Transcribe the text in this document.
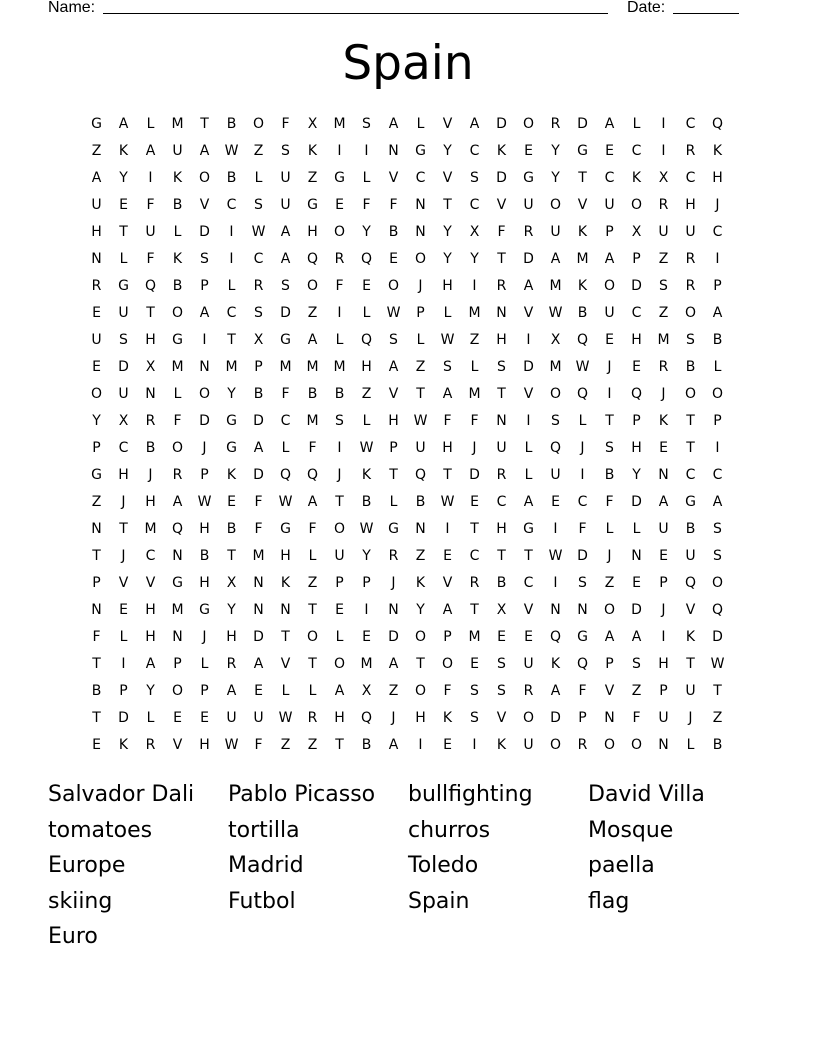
Name:	Date:
Spain
G	A	L	M	T	B	O	F	X	M	S	A	L	V	A	D	O	R	D	A	L	I	C	Q
Z	K	A	U	A	W	Z	S	K	I	I	N	G	Y	C	K	E	Y	G	E	C	I	R	K
A	Y	I	K	O	B	L	U	Z	G	L	V	C	V	S	D	G	Y	T	C	K	X	C	H
U	E	F	B	V	C	S	U	G	E	F	F	N	T	C	V	U	O	V	U	O	R	H	J
H	T	U	L	D	I	W	A	H	O	Y	B	N	Y	X	F	R	U	K	P	X	U	U	C
N	L	F	K	S	I	C	A	Q	R	Q	E	O	Y	Y	T	D	A	M	A	P	Z	R	I
R	G	Q	B	P	L	R	S	O	F	E	O	J	H	I	R	A	M	K	O	D	S	R	P
E	U	T	O	A	C	S	D	Z	I	L	W	P	L	M	N	V	W	B	U	C	Z	O	A
U	S	H	G	I	T	X	G	A	L	Q	S	L	W	Z	H	I	X	Q	E	H	M	S	B
E	D	X	M	N	M	P	M	M	M	H	A	Z	S	L	S	D	M	W	J	E	R	B	L
O	U	N	L	O	Y	B	F	B	B	Z	V	T	A	M	T	V	O	Q	I	Q	J	O	O
Y	X	R	F	D	G	D	C	M	S	L	H	W	F	F	N	I	S	L	T	P	K	T	P
P	C	B	O	J	G	A	L	F	I	W	P	U	H	J	U	L	Q	J	S	H	E	T	I
G	H	J	R	P	K	D	Q	Q	J	K	T	Q	T	D	R	L	U	I	B	Y	N	C	C
Z	J	H	A	W	E	F	W	A	T	B	L	B	W	E	C	A	E	C	F	D	A	G	A
N	T	M	Q	H	B	F	G	F	O	W	G	N	I	T	H	G	I	F	L	L	U	B	S
T	J	C	N	B	T	M	H	L	U	Y	R	Z	E	C	T	T	W	D	J	N	E	U	S
P	V	V	G	H	X	N	K	Z	P	P	J	K	V	R	B	C	I	S	Z	E	P	Q	O
N	E	H	M	G	Y	N	N	T	E	I	N	Y	A	T	X	V	N	N	O	D	J	V	Q
F	L	H	N	J	H	D	T	O	L	E	D	O	P	M	E	E	Q	G	A	A	I	K	D
T	I	A	P	L	R	A	V	T	O	M	A	T	O	E	S	U	K	Q	P	S	H	T	W
B	P	Y	O	P	A	E	L	L	A	X	Z	O	F	S	S	R	A	F	V	Z	P	U	T
T	D	L	E	E	U	U	W	R	H	Q	J	H	K	S	V	O	D	P	N	F	U	J	Z
E	K	R	V	H	W	F	Z	Z	T	B	A	I	E	I	K	U	O	R	O	O	N	L	B
Salvador Dali	Pablo Picasso	bullfighting	David Villa
tomatoes	tortilla	churros	Mosque
Europe	Madrid	Toledo	paella
skiing	Futbol	Spain	flag
Euro
